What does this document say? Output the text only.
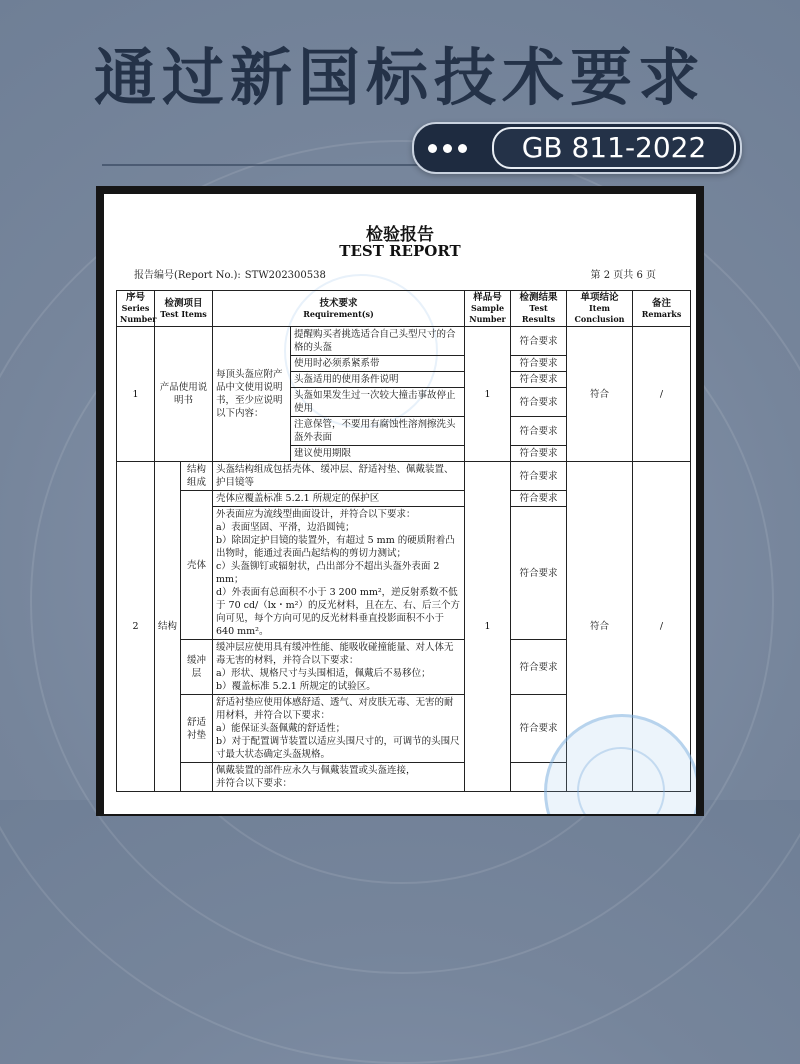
通过新国标技术要求
GB 811-2022
检验报告
TEST REPORT
报告编号(Report No.): STW202300538	第 2 页共 6 页
序号
Series Number	检测项目
Test Items		技术要求
Requirement(s)		样品号
Sample Number	检测结果
Test Results	单项结论
Item Conclusion	备注
Remarks

1	产品使用说明书		每顶头盔应附产品中文使用说明书，至少应说明以下内容：	提醒购买者挑选适合自己头型尺寸的合格的头盔	1	符合要求	符合	/
				使用时必须系紧系带		符合要求		
				头盔适用的使用条件说明		符合要求		
				头盔如果发生过一次较大撞击事故停止使用		符合要求		
				注意保管，不要用有腐蚀性溶剂擦洗头盔外表面		符合要求		
				建议使用期限		符合要求		
2	结构	结构组成	头盔结构组成包括壳体、缓冲层、舒适衬垫、佩戴装置、护目镜等		1	符合要求	符合	/
		壳体	壳体应覆盖标准 5.2.1 所规定的保护区			符合要求		

			外表面应为流线型曲面设计，并符合以下要求：
a）表面坚固、平滑，边沿圆钝；
b）除固定护目镜的装置外，有超过 5 mm 的硬质附着凸出物时，能通过表面凸起结构的剪切力测试；
c）头盔铆钉或辐射状，凸出部分不超出头盔外表面 2 mm；
d）外表面有总面积不小于 3 200 mm²，逆反射系数不低于 70 cd/（lx・m²）的反光材料，且在左、右、后三个方向可见，每个方向可见的反光材料垂直投影面积不小于 640 mm²。			符合要求		
		缓冲层	缓冲层应使用具有缓冲性能、能吸收碰撞能量、对人体无毒无害的材料，并符合以下要求：
a）形状、规格尺寸与头围相适，佩戴后不易移位；
b）覆盖标准 5.2.1 所规定的试验区。			符合要求		
		舒适衬垫	舒适衬垫应使用体感舒适、透气、对皮肤无毒、无害的耐用材料，并符合以下要求：
a）能保证头盔佩戴的舒适性；
b）对于配置调节装置以适应头围尺寸的，可调节的头围尺寸最大状态确定头盔规格。			符合要求		

			佩戴装置的部件应永久与佩戴装置或头盔连接，
并符合以下要求：					
